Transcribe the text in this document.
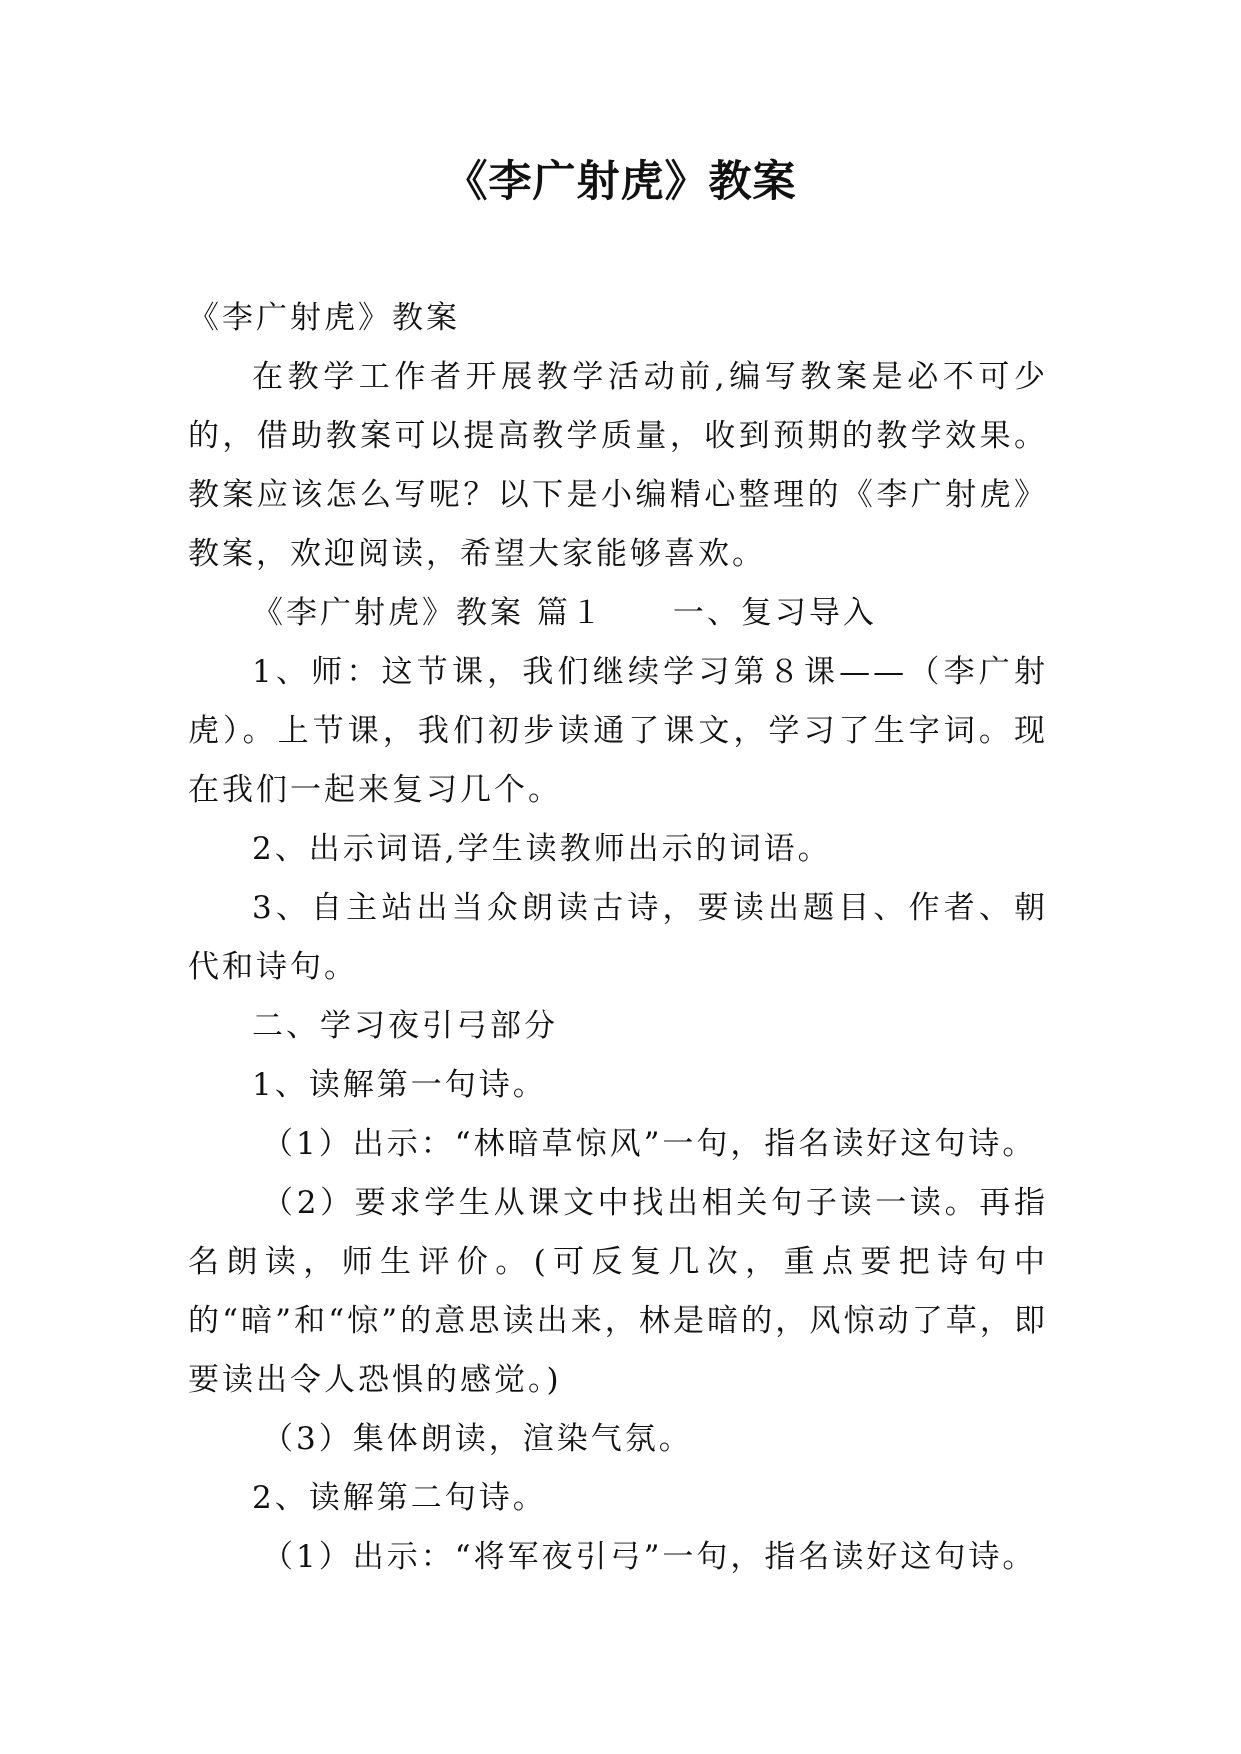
《李广射虎》教案

《李广射虎》教案

在教学工作者开展教学活动前,编写教案是必不可少的，借助教案可以提高教学质量，收到预期的教学效果。教案应该怎么写呢？以下是小编精心整理的《李广射虎》教案，欢迎阅读，希望大家能够喜欢。

《李广射虎》教案 篇１　　一、复习导入

1、师：这节课，我们继续学习第８课——（李广射虎）。上节课，我们初步读通了课文，学习了生字词。现在我们一起来复习几个。

2、出示词语,学生读教师出示的词语。

3、自主站出当众朗读古诗，要读出题目、作者、朝代和诗句。

二、学习夜引弓部分

1、读解第一句诗。

（1）出示：“林暗草惊风”一句，指名读好这句诗。

（2）要求学生从课文中找出相关句子读一读。再指名朗读，师生评价。(可反复几次，重点要把诗句中的“暗”和“惊”的意思读出来，林是暗的，风惊动了草，即要读出令人恐惧的感觉。)

（3）集体朗读，渲染气氛。

2、读解第二句诗。

（1）出示：“将军夜引弓”一句，指名读好这句诗。
